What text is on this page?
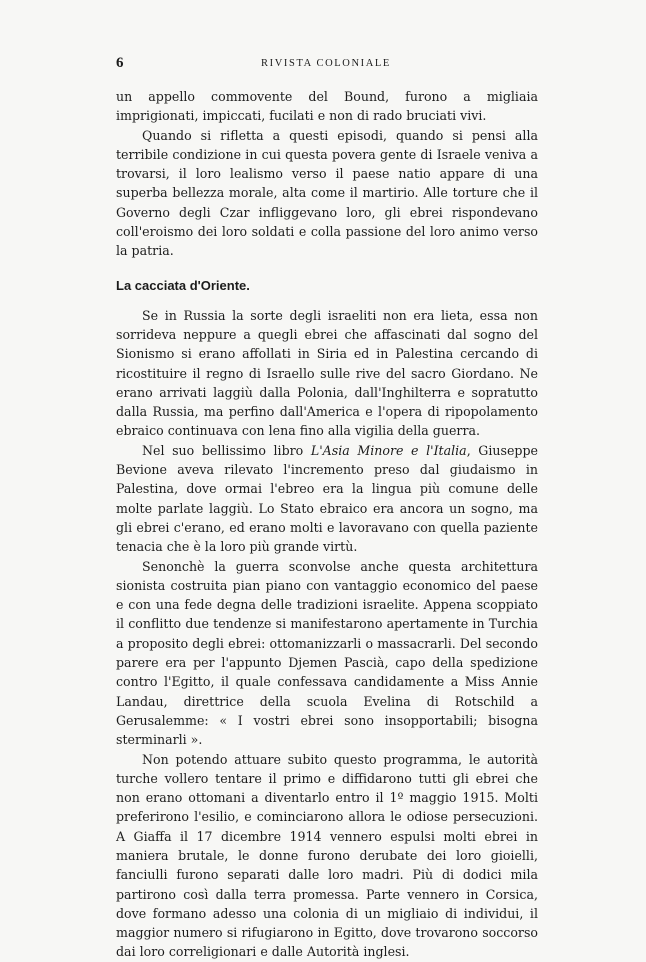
6	RIVISTA COLONIALE

un appello commovente del Bound, furono a migliaia imprigionati, impiccati, fucilati e non di rado bruciati vivi.

Quando si rifletta a questi episodi, quando si pensi alla terribile condizione in cui questa povera gente di Israele veniva a trovarsi, il loro lealismo verso il paese natio appare di una superba bellezza morale, alta come il martirio. Alle torture che il Governo degli Czar infliggevano loro, gli ebrei rispondevano coll'eroismo dei loro soldati e colla passione del loro animo verso la patria.

La cacciata d'Oriente.

Se in Russia la sorte degli israeliti non era lieta, essa non sorrideva neppure a quegli ebrei che affascinati dal sogno del Sionismo si erano affollati in Siria ed in Palestina cercando di ricostituire il regno di Israello sulle rive del sacro Giordano. Ne erano arrivati laggiù dalla Polonia, dall'Inghilterra e sopratutto dalla Russia, ma perfino dall'America e l'opera di ripopolamento ebraico continuava con lena fino alla vigilia della guerra.

Nel suo bellissimo libro L'Asia Minore e l'Italia, Giuseppe Bevione aveva rilevato l'incremento preso dal giudaismo in Palestina, dove ormai l'ebreo era la lingua più comune delle molte parlate laggiù. Lo Stato ebraico era ancora un sogno, ma gli ebrei c'erano, ed erano molti e lavoravano con quella paziente tenacia che è la loro più grande virtù.

Senonchè la guerra sconvolse anche questa architettura sionista costruita pian piano con vantaggio economico del paese e con una fede degna delle tradizioni israelite. Appena scoppiato il conflitto due tendenze si manifestarono apertamente in Turchia a proposito degli ebrei: ottomanizzarli o massacrarli. Del secondo parere era per l'appunto Djemen Pascià, capo della spedizione contro l'Egitto, il quale confessava candidamente a Miss Annie Landau, direttrice della scuola Evelina di Rotschild a Gerusalemme: « I vostri ebrei sono insopportabili; bisogna sterminarli ».

Non potendo attuare subito questo programma, le autorità turche vollero tentare il primo e diffidarono tutti gli ebrei che non erano ottomani a diventarlo entro il 1º maggio 1915. Molti preferirono l'esilio, e cominciarono allora le odiose persecuzioni. A Giaffa il 17 dicembre 1914 vennero espulsi molti ebrei in maniera brutale, le donne furono derubate dei loro gioielli, fanciulli furono separati dalle loro madri. Più di dodici mila partirono così dalla terra promessa. Parte vennero in Corsica, dove formano adesso una colonia di un migliaio di individui, il maggior numero si rifugiarono in Egitto, dove trovarono soccorso dai loro correligionari e dalle Autorità inglesi.
